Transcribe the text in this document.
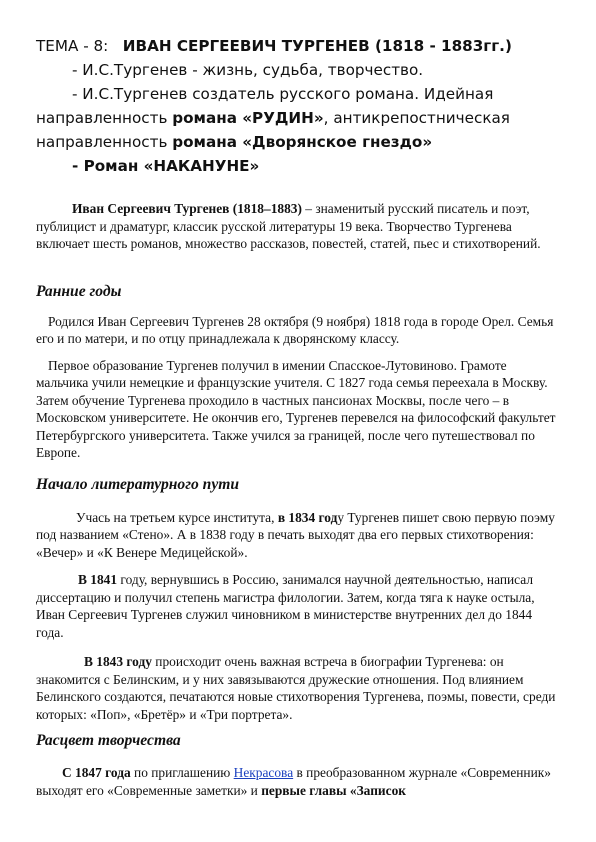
ТЕМА - 8: ИВАН СЕРГЕЕВИЧ ТУРГЕНЕВ (1818 - 1883гг.)

- И.С.Тургенев - жизнь, судьба, творчество.

- И.С.Тургенев создатель русского романа. Идейная

направленность романа «РУДИН», антикрепостническая

направленность романа «Дворянское гнездо»

- Роман «НАКАНУНЕ»

Иван Сергеевич Тургенев (1818–1883) – знаменитый русский писатель и поэт, публицист и драматург, классик русской литературы 19 века. Творчество Тургенева включает шесть романов, множество рассказов, повестей, статей, пьес и стихотворений.

Ранние годы

Родился Иван Сергеевич Тургенев 28 октября (9 ноября) 1818 года в городе Орел. Семья его и по матери, и по отцу принадлежала к дворянскому классу.

Первое образование Тургенев получил в имении Спасское-Лутовиново. Грамоте мальчика учили немецкие и французские учителя. С 1827 года семья переехала в Москву. Затем обучение Тургенева проходило в частных пансионах Москвы, после чего – в Московском университете. Не окончив его, Тургенев перевелся на философский факультет Петербургского университета. Также учился за границей, после чего путешествовал по Европе.

Начало литературного пути

Учась на третьем курсе института, в 1834 году Тургенев пишет свою первую поэму под названием «Стено». А в 1838 году в печать выходят два его первых стихотворения: «Вечер» и «К Венере Медицейской».

В 1841 году, вернувшись в Россию, занимался научной деятельностью, написал диссертацию и получил степень магистра филологии. Затем, когда тяга к науке остыла, Иван Сергеевич Тургенев служил чиновником в министерстве внутренних дел до 1844 года.

В 1843 году происходит очень важная встреча в биографии Тургенева: он знакомится с Белинским, и у них завязываются дружеские отношения. Под влиянием Белинского создаются, печатаются новые стихотворения Тургенева, поэмы, повести, среди которых: «Поп», «Бретёр» и «Три портрета».

Расцвет творчества

С 1847 года по приглашению Некрасова в преобразованном журнале «Современник» выходят его «Современные заметки» и первые главы «Записок
